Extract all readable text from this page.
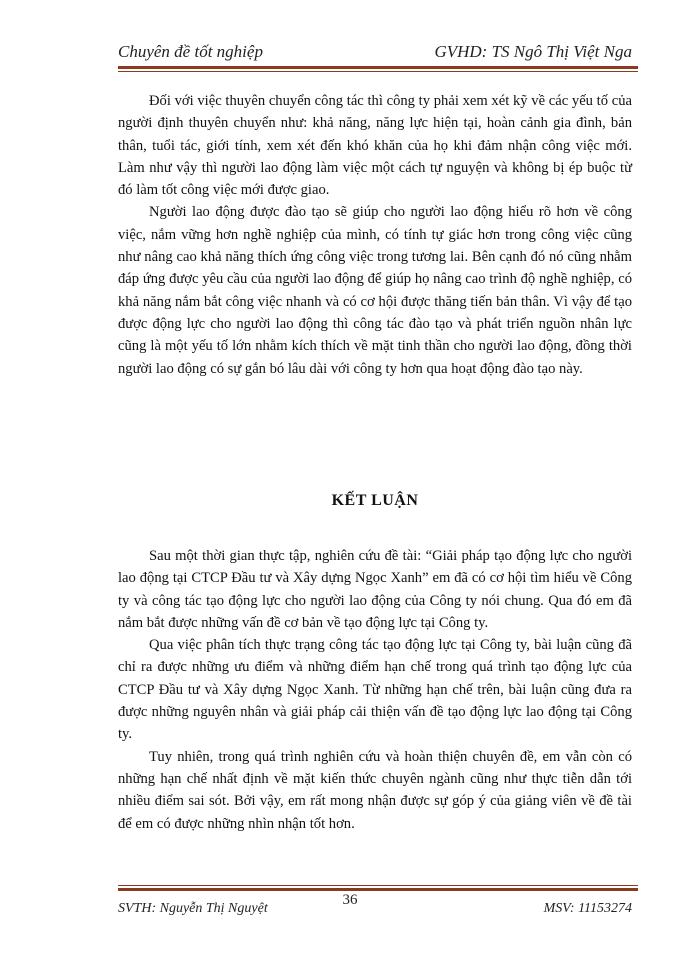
Chuyên đề tốt nghiệp	GVHD: TS Ngô Thị Việt Nga

Đối với việc thuyên chuyển công tác thì công ty phải xem xét kỹ về các yếu tố của người định thuyên chuyển như: khả năng, năng lực hiện tại, hoàn cảnh gia đình, bản thân, tuổi tác, giới tính, xem xét đến khó khăn của họ khi đảm nhận công việc mới. Làm như vậy thì người lao động làm việc một cách tự nguyện và không bị ép buộc từ đó làm tốt công việc mới được giao.

Người lao động được đào tạo sẽ giúp cho người lao động hiểu rõ hơn về công việc, nắm vững hơn nghề nghiệp của mình, có tính tự giác hơn trong công việc cũng như nâng cao khả năng thích ứng công việc trong tương lai. Bên cạnh đó nó cũng nhằm đáp ứng được yêu cầu của người lao động để giúp họ nâng cao trình độ nghề nghiệp, có khả năng nắm bắt công việc nhanh và có cơ hội được thăng tiến bản thân. Vì vậy để tạo được động lực cho người lao động thì công tác đào tạo và phát triển nguồn nhân lực cũng là một yếu tố lớn nhằm kích thích về mặt tinh thần cho người lao động, đồng thời người lao động có sự gắn bó lâu dài với công ty hơn qua hoạt động đào tạo này.

KẾT LUẬN

Sau một thời gian thực tập, nghiên cứu đề tài: “Giải pháp tạo động lực cho người lao động tại CTCP Đầu tư và Xây dựng Ngọc Xanh” em đã có cơ hội tìm hiểu về Công ty và công tác tạo động lực cho người lao động của Công ty nói chung. Qua đó em đã nắm bắt được những vấn đề cơ bản về tạo động lực tại Công ty.

Qua việc phân tích thực trạng công tác tạo động lực tại Công ty, bài luận cũng đã chỉ ra được những ưu điểm và những điểm hạn chế trong quá trình tạo động lực của CTCP Đầu tư và Xây dựng Ngọc Xanh. Từ những hạn chế trên, bài luận cũng đưa ra được những nguyên nhân và giải pháp cải thiện vấn đề tạo động lực lao động tại Công ty.

Tuy nhiên, trong quá trình nghiên cứu và hoàn thiện chuyên đề, em vẫn còn có những hạn chế nhất định về mặt kiến thức chuyên ngành cũng như thực tiễn dẫn tới nhiều điểm sai sót. Bởi vậy, em rất mong nhận được sự góp ý của giảng viên về đề tài để em có được những nhìn nhận tốt hơn.

36
SVTH: Nguyễn Thị Nguyệt	MSV: 11153274
